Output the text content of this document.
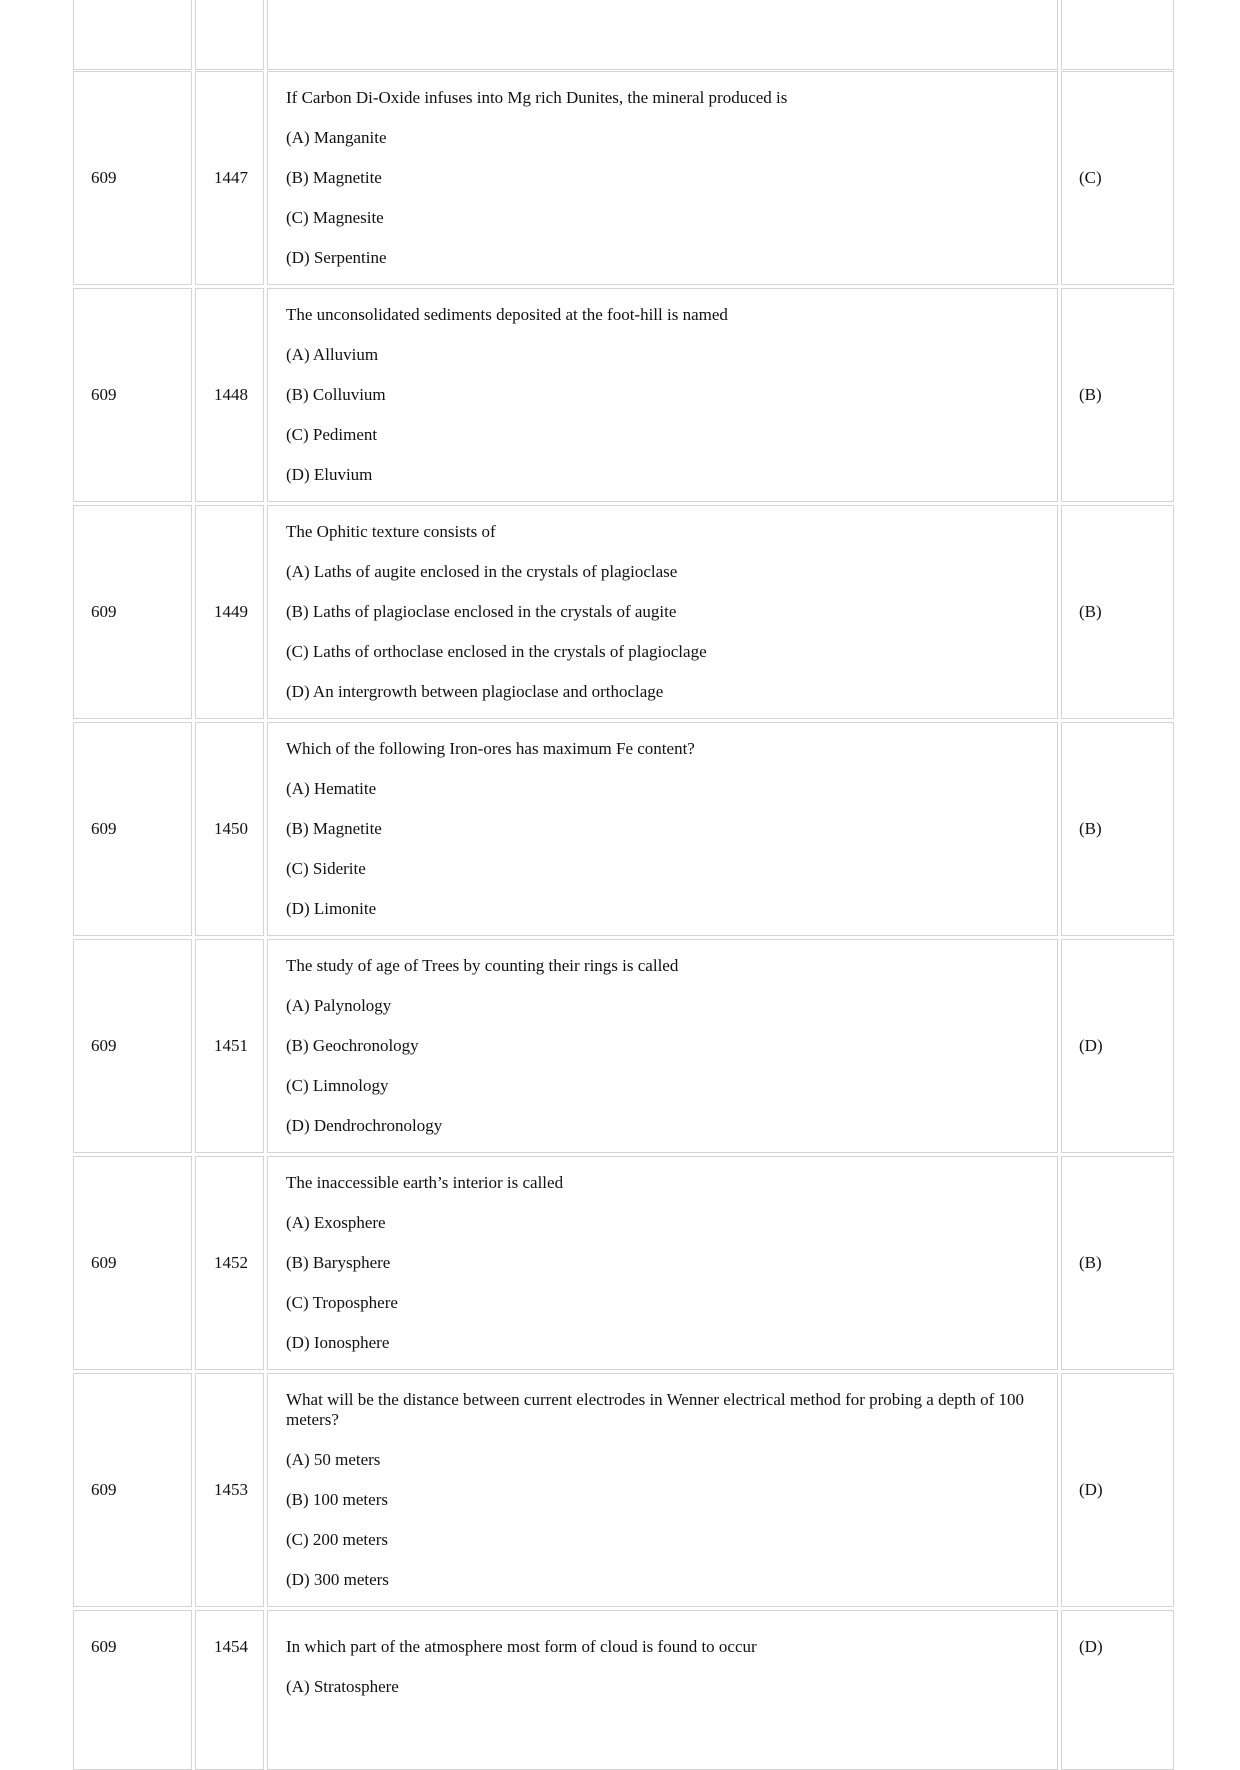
609	1447

If Carbon Di-Oxide infuses into Mg rich Dunites, the mineral produced is

(A) Manganite

(B) Magnetite

(C) Magnesite

(D) Serpentine

(C)
609	1448

The unconsolidated sediments deposited at the foot-hill is named

(A) Alluvium

(B) Colluvium

(C) Pediment

(D) Eluvium

(B)
609	1449

The Ophitic texture consists of

(A) Laths of augite enclosed in the crystals of plagioclase

(B) Laths of plagioclase enclosed in the crystals of augite

(C) Laths of orthoclase enclosed in the crystals of plagioclage

(D) An intergrowth between plagioclase and orthoclage

(B)
609	1450

Which of the following Iron-ores has maximum Fe content?

(A) Hematite

(B) Magnetite

(C) Siderite

(D) Limonite

(B)
609	1451

The study of age of Trees by counting their rings is called

(A) Palynology

(B) Geochronology

(C) Limnology

(D) Dendrochronology

(D)
609	1452

The inaccessible earth’s interior is called

(A) Exosphere

(B) Barysphere

(C) Troposphere

(D) Ionosphere

(B)
609	1453

What will be the distance between current electrodes in Wenner electrical method for probing a depth of 100 meters?

(A) 50 meters

(B) 100 meters

(C) 200 meters

(D) 300 meters

(D)
609	1454 In which part of the atmosphere most form of cloud is found to occur

(A) Stratosphere

(D)
